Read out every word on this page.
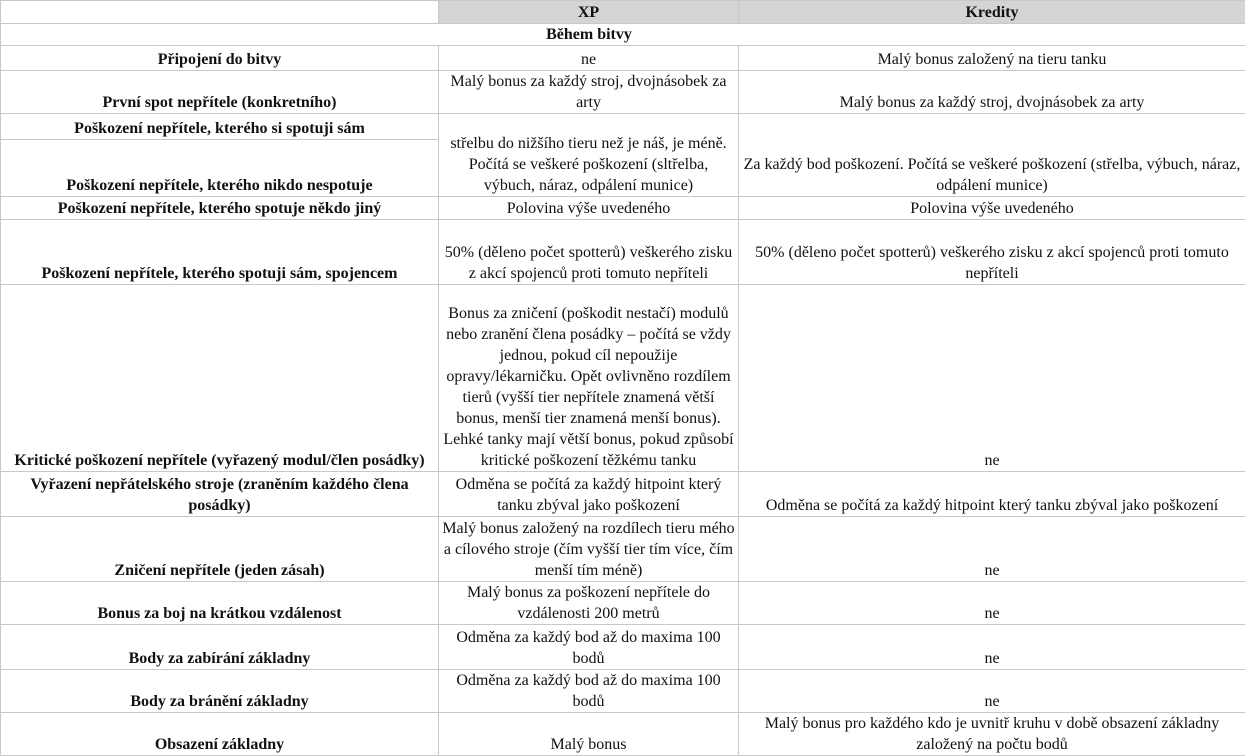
	XP	Kredity

Během bitvy		

Připojení do bitvy	ne	Malý bonus založený na tieru tanku
První spot nepřítele (konkretního)	Malý bonus za každý stroj, dvojnásobek za arty	Malý bonus za každý stroj, dvojnásobek za arty
Poškození nepřítele, kterého si spotuji sám	střelbu do nižšího tieru než je náš, je méně. Počítá se veškeré poškození (sltřelba, výbuch, náraz, odpálení munice)	Za každý bod poškození. Počítá se veškeré poškození (střelba, výbuch, náraz, odpálení munice)
Poškození nepřítele, kterého nikdo nespotuje		
Poškození nepřítele, kterého spotuje někdo jiný	Polovina výše uvedeného	Polovina výše uvedeného
Poškození nepřítele, kterého spotuji sám, spojencem	50% (děleno počet spotterů) veškerého zisku z akcí spojenců proti tomuto nepříteli	50% (děleno počet spotterů) veškerého zisku z akcí spojenců proti tomuto nepříteli
Kritické poškození nepřítele (vyřazený modul/člen posádky)	Bonus za zničení (poškodit nestačí) modulů nebo zranění člena posádky – počítá se vždy jednou, pokud cíl nepoužije opravy/lékarničku. Opět ovlivněno rozdílem tierů (vyšší tier nepřítele znamená větší bonus, menší tier znamená menší bonus). Lehké tanky mají větší bonus, pokud způsobí kritické poškození těžkému tanku	ne
Vyřazení nepřátelského stroje (zraněním každého člena posádky)	Odměna se počítá za každý hitpoint který tanku zbýval jako poškození	Odměna se počítá za každý hitpoint který tanku zbýval jako poškození
Zničení nepřítele (jeden zásah)	Malý bonus založený na rozdílech tieru mého a cílového stroje (čím vyšší tier tím více, čím menší tím méně)	ne
Bonus za boj na krátkou vzdálenost	Malý bonus za poškození nepřítele do vzdálenosti 200 metrů	ne
Body za zabírání základny	Odměna za každý bod až do maxima 100 bodů	ne
Body za bránění základny	Odměna za každý bod až do maxima 100 bodů	ne
Obsazení základny	Malý bonus	Malý bonus pro každého kdo je uvnitř kruhu v době obsazení základny založený na počtu bodů
